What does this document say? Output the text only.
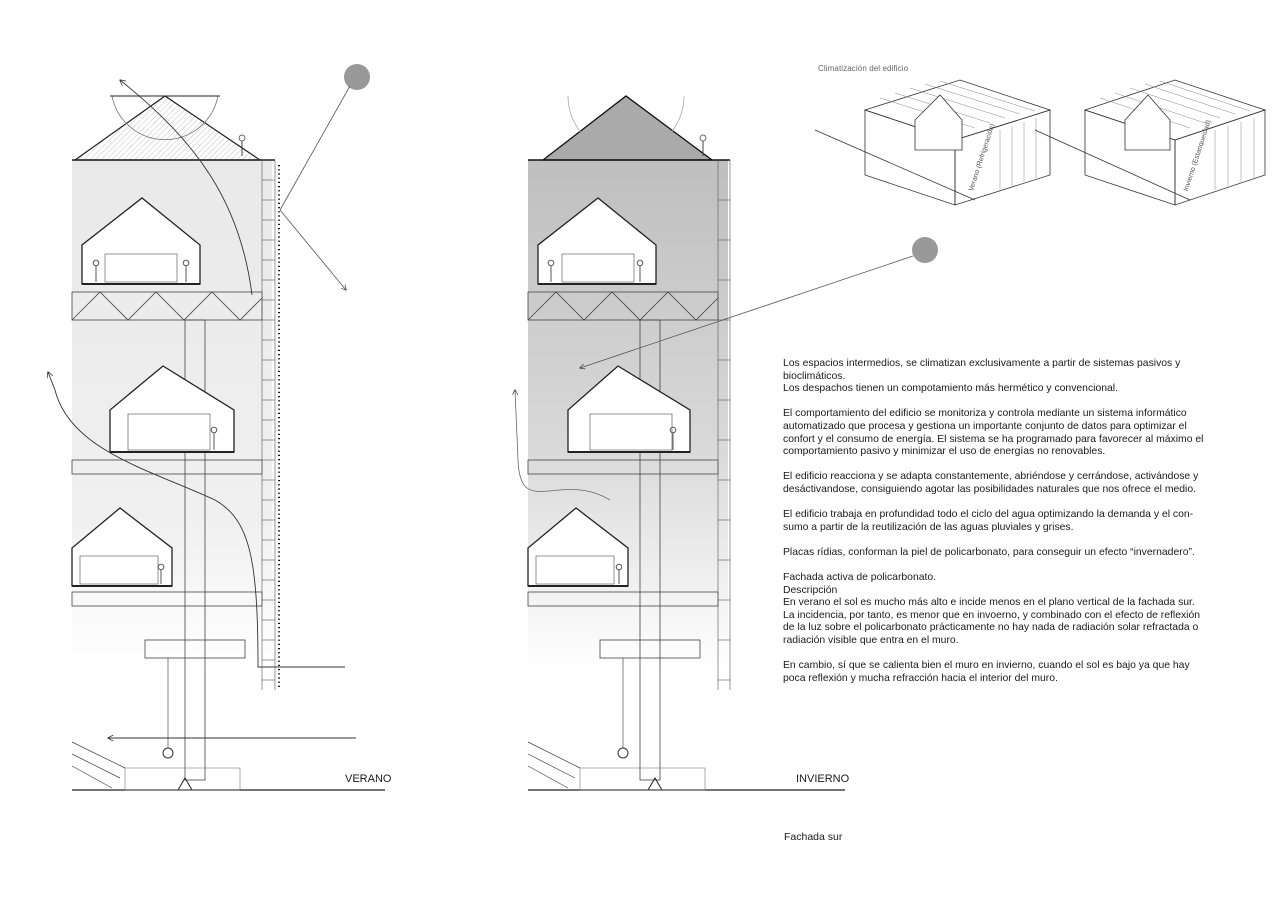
Climatización del edificio
Verano (Refrigeración)	Invierno (Estanqueidad)
VERANO	INVIERNO
Fachada sur

Los espacios intermedios, se climatizan exclusivamente a partir de sistemas pasivos y
bioclimáticos.
Los despachos tienen un compotamiento más hermético y convencional.

El comportamiento del edificio se monitoriza y controla mediante un sistema informático
automatizado que procesa y gestiona un importante conjunto de datos para optimizar el
confort y el consumo de energía. El sistema se ha programado para favorecer al máximo el
comportamiento pasivo y minimizar el uso de energías no renovables.

El edificio reacciona y se adapta constantemente, abriéndose y cerrándose, activándose y
desáctivandose, consiguiendo agotar las posibilidades naturales que nos ofrece el medio.

El edificio trabaja en profundidad todo el ciclo del agua optimizando la demanda y el con-
sumo a partir de la reutilización de las aguas pluviales y grises.

Placas rídias, conforman la piel de policarbonato, para conseguir un efecto “invernadero”.

Fachada activa de policarbonato.
Descripción
En verano el sol es mucho más alto e incide menos en el plano vertical de la fachada sur.
La incidencia, por tanto, es menor que en invoerno, y combinado con el efecto de reflexión
de la luz sobre el policarbonato prácticamente no hay nada de radiación solar refractada o
radiación visible que entra en el muro.

En cambio, sí que se calienta bien el muro en invierno, cuando el sol es bajo ya que hay
poca reflexión y mucha refracción hacia el interior del muro.
